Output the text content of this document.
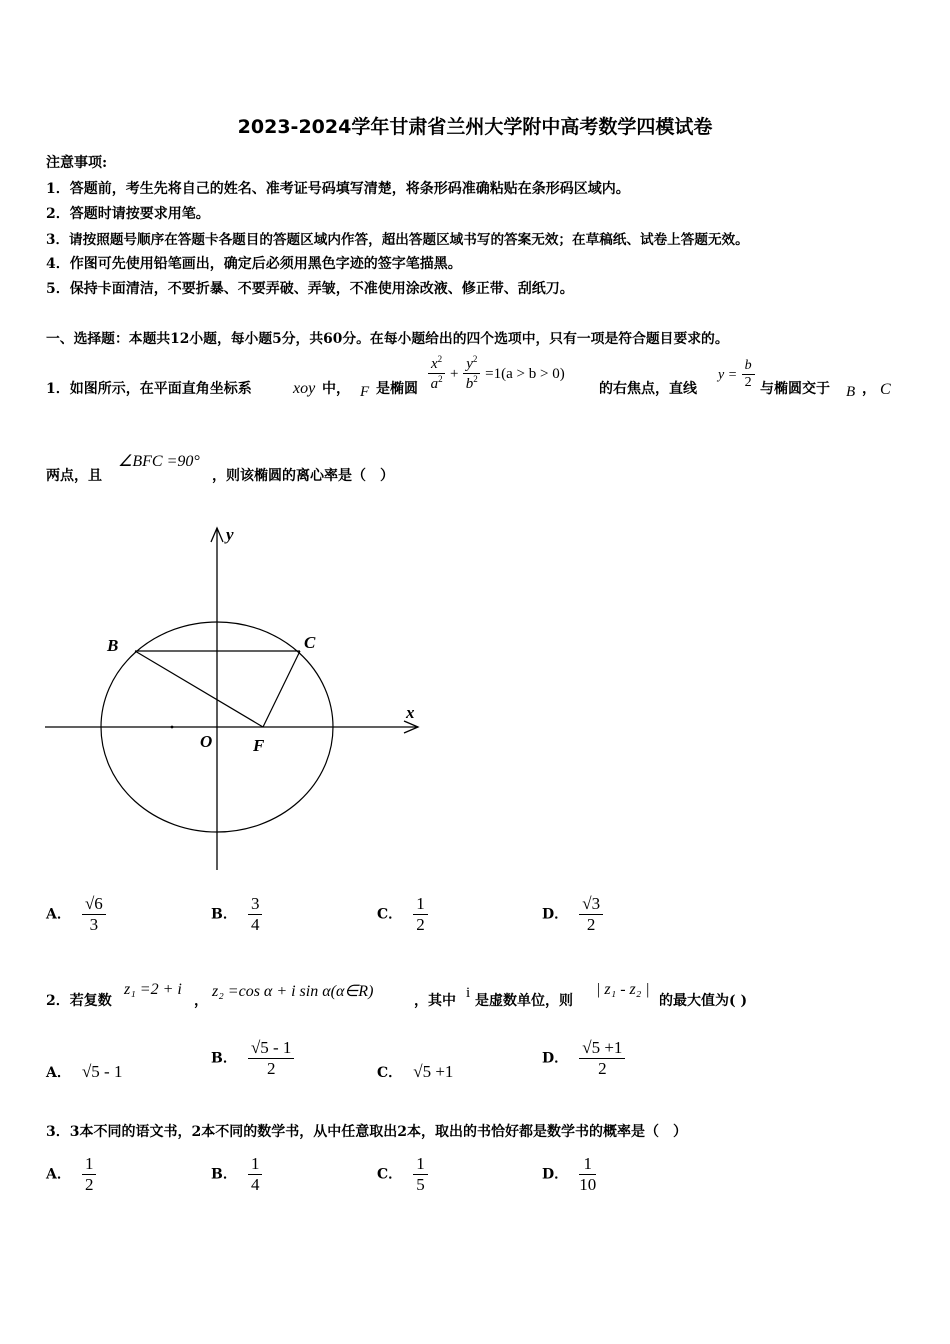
2023-2024学年甘肃省兰州大学附中高考数学四模试卷
注意事项:
1．答题前，考生先将自己的姓名、准考证号码填写清楚，将条形码准确粘贴在条形码区域内。
2．答题时请按要求用笔。
3．请按照题号顺序在答题卡各题目的答题区域内作答，超出答题区域书写的答案无效；在草稿纸、试卷上答题无效。
4．作图可先使用铅笔画出，确定后必须用黑色字迹的签字笔描黑。
5．保持卡面清洁，不要折暴、不要弄破、弄皱，不准使用涂改液、修正带、刮纸刀。
一、选择题：本题共12小题，每小题5分，共60分。在每小题给出的四个选项中，只有一项是符合题目要求的。
1．如图所示，在平面直角坐标系	xoy 中， F 是椭圆 $\frac{x^2}{a^2} + \frac{y^2}{b^2} =1(a > b > 0)$
的右焦点，直线
$y = \frac{b}{2}$ 与椭圆交于 B ， C
两点，且
∠BFC =90°
，则该椭圆的离心率是（　）
y
x
O F
B	C
A． $\frac{√6}{3}$	B． $\frac{3}{4}$	C． $\frac{1}{2}$	D． $\frac{√3}{2}$
2．若复数
z₁ =2 + i
，
z₂ =cos α + i sin α(α∈R)
，其中 i 是虚数单位，则
| z₁ - z₂ |
的最大值为( )
A． √5 - 1
B． $\frac{√5 - 1}{2}$	C． √5 +1
D． $\frac{√5 +1}{2}$
3．3本不同的语文书，2本不同的数学书，从中任意取出2本，取出的书恰好都是数学书的概率是（　）
A． $\frac{1}{2}$	B． $\frac{1}{4}$	C． $\frac{1}{5}$	D． $\frac{1}{10}$
